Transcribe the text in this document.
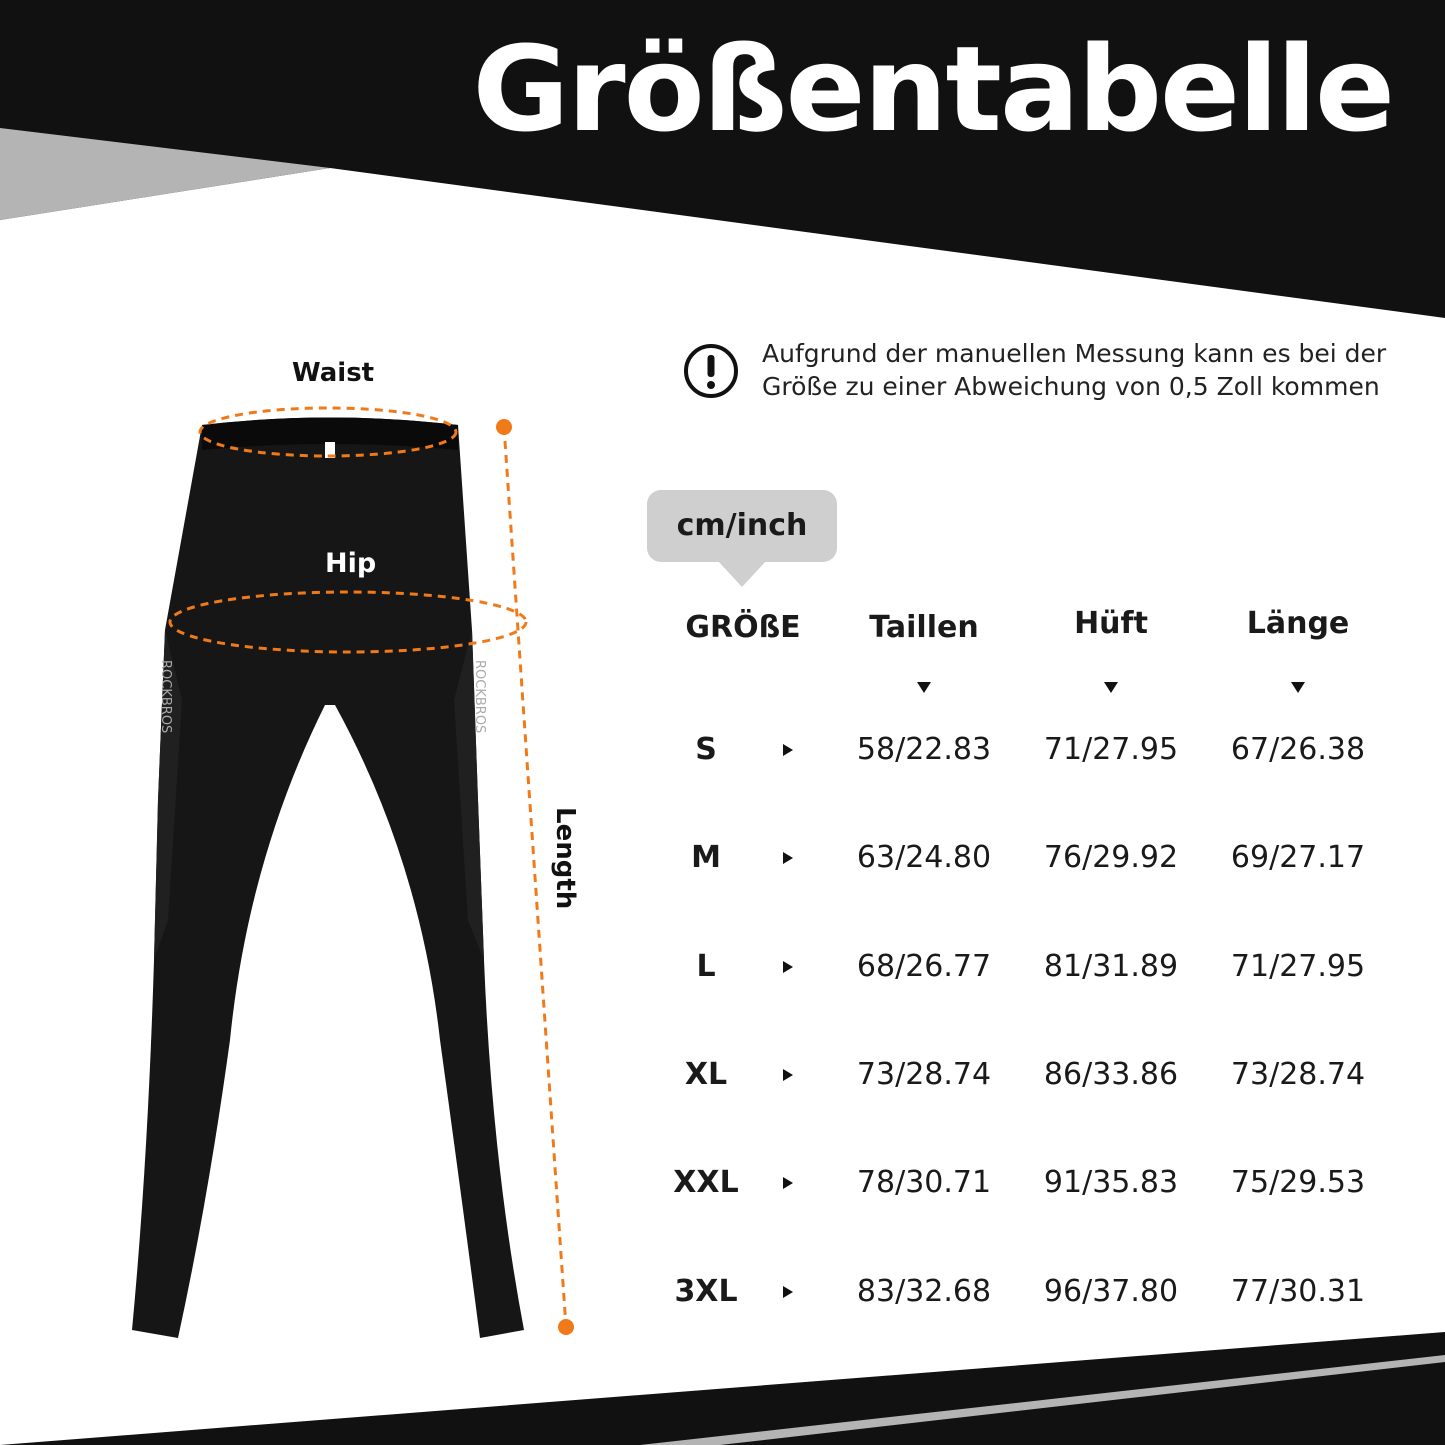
Größentabelle
ROCKBROS	ROCKBROS
Waist
Hip
Length
Aufgrund der manuellen Messung kann es bei der Größe zu einer Abweichung von 0,5 Zoll kommen
cm/inch
GRÖßE Taillen	Hüft	Länge
S	58/22.83 71/27.95 67/26.38
M	63/24.80 76/29.92 69/27.17
L	68/26.77 81/31.89 71/27.95
XL	73/28.74 86/33.86 73/28.74
XXL	78/30.71 91/35.83 75/29.53
3XL	83/32.68 96/37.80 77/30.31
